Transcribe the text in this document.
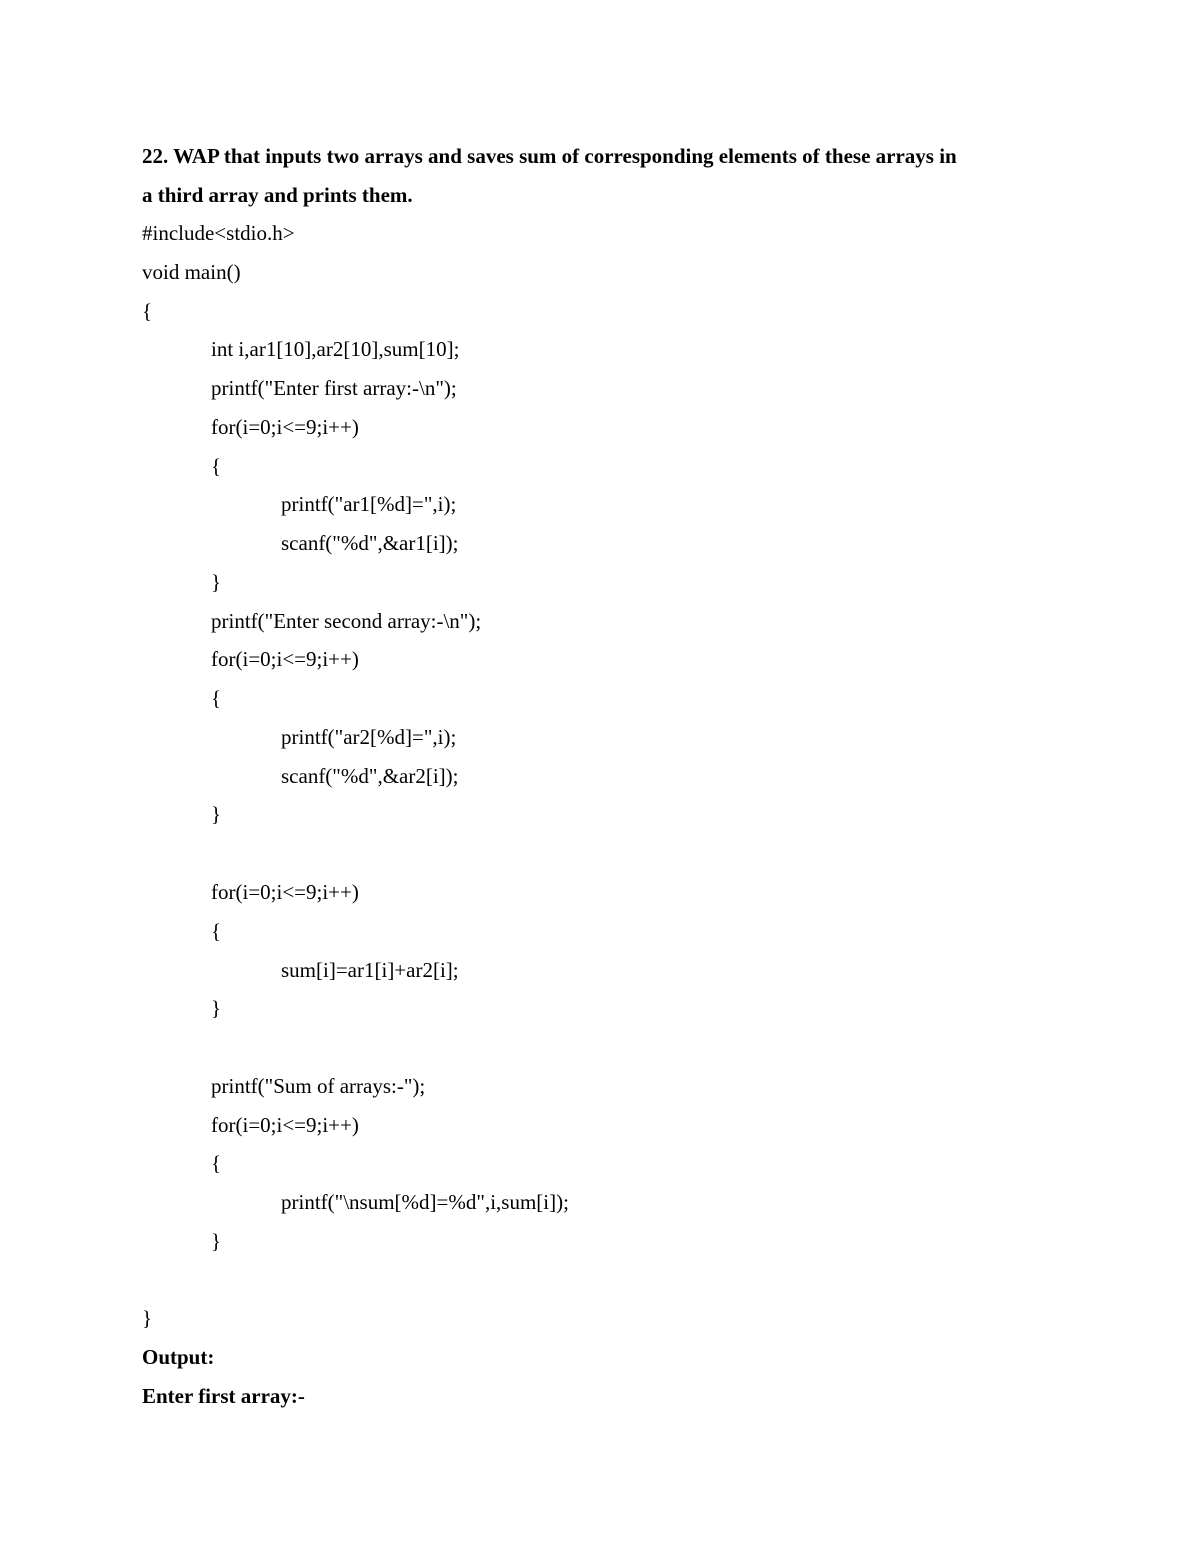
22. WAP that inputs two arrays and saves sum of corresponding elements of these arrays in
a third array and prints them.
#include<stdio.h>
void main()
{
int i,ar1[10],ar2[10],sum[10];
printf("Enter first array:-\n");
for(i=0;i<=9;i++)
{
printf("ar1[%d]=",i);
scanf("%d",&ar1[i]);
}
printf("Enter second array:-\n");
for(i=0;i<=9;i++)
{
printf("ar2[%d]=",i);
scanf("%d",&ar2[i]);
}
for(i=0;i<=9;i++)
{
sum[i]=ar1[i]+ar2[i];
}
printf("Sum of arrays:-");
for(i=0;i<=9;i++)
{
printf("\nsum[%d]=%d",i,sum[i]);
}
}
Output:
Enter first array:-
